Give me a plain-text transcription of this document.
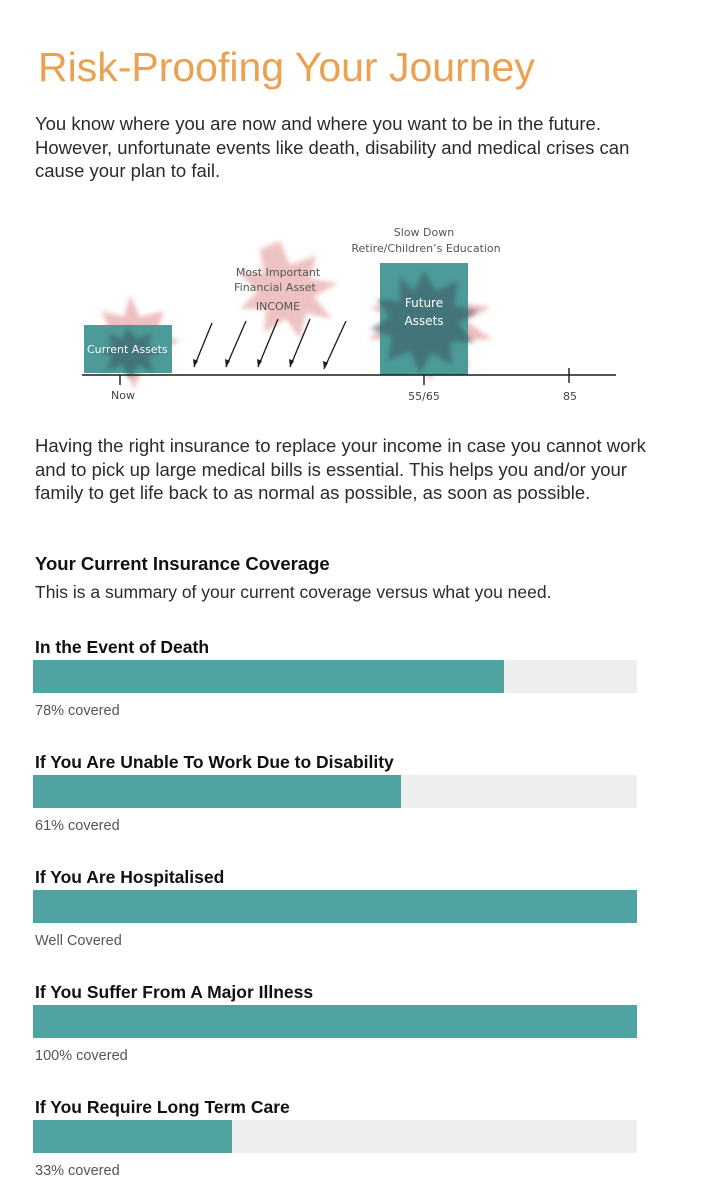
Risk-Proofing Your Journey

You know where you are now and where you want to be in the future. However, unfortunate events like death, disability and medical crises can cause your plan to fail.

Current Assets
Most Important
Financial Asset
INCOME	Future
Assets
Slow Down
Retire/Children’s Education
Now	55/65	85

Having the right insurance to replace your income in case you cannot work and to pick up large medical bills is essential. This helps you and/or your family to get life back to as normal as possible, as soon as possible.

Your Current Insurance Coverage

This is a summary of your current coverage versus what you need.

In the Event of Death
78% covered
If You Are Unable To Work Due to Disability
61% covered
If You Are Hospitalised
Well Covered
If You Suffer From A Major Illness
100% covered
If You Require Long Term Care
33% covered
